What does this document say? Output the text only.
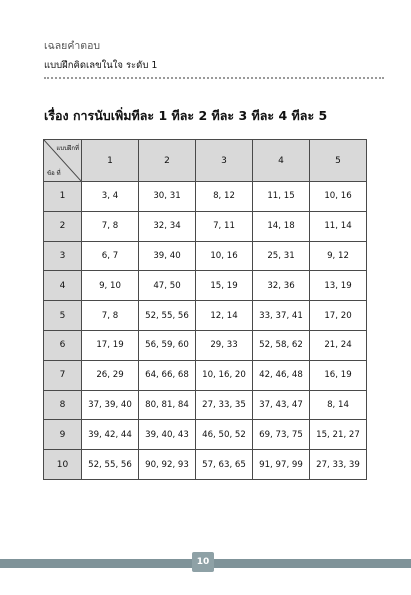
เฉลยคำตอบ
แบบฝึกคิดเลขในใจ ระดับ 1
เรื่อง การนับเพิ่มทีละ 1 ทีละ 2 ทีละ 3 ทีละ 4 ทีละ 5
แบบฝึกที่
ข้อ ที่	1	2	3	4	5
1	3, 4	30, 31	8, 12	11, 15	10, 16
2	7, 8	32, 34	7, 11	14, 18	11, 14
3	6, 7	39, 40	10, 16	25, 31	9, 12
4	9, 10	47, 50	15, 19	32, 36	13, 19
5	7, 8	52, 55, 56	12, 14	33, 37, 41	17, 20
6	17, 19	56, 59, 60	29, 33	52, 58, 62	21, 24
7	26, 29	64, 66, 68	10, 16, 20	42, 46, 48	16, 19
8	37, 39, 40	80, 81, 84	27, 33, 35	37, 43, 47	8, 14
9	39, 42, 44	39, 40, 43	46, 50, 52	69, 73, 75	15, 21, 27
10	52, 55, 56	90, 92, 93	57, 63, 65	91, 97, 99	27, 33, 39
10
